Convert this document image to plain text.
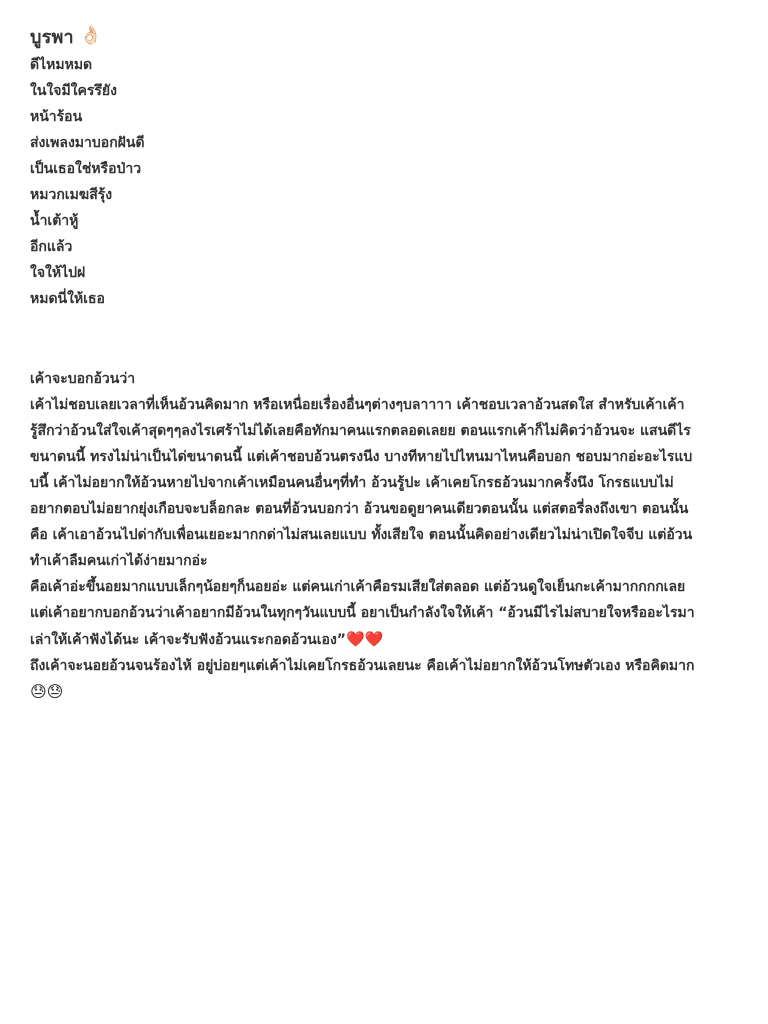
บูรพา 👌🏻
ดีไหมหมด
ในใจมีใครรึยัง
หน้าร้อน
ส่งเพลงมาบอกฝันดี
เป็นเธอใช่หรือป่าว
หมวกเมฆสีรุ้ง
น้ำเต้าหู้
อีกแล้ว
ใจให้ไปฝ
หมดนี่ให้เธอ

เค้าจะบอกอ้วนว่า

เค้าไม่ชอบเลยเวลาที่เห็นอ้วนคิดมาก หรือเหนื่อยเรื่องอื่นๆต่างๆบลาาาา เค้าชอบเวลาอ้วนสดใส สำหรับเค้าเค้า
รู้สึกว่าอ้วนใส่ใจเค้าสุดๆๆลงไรเศร้าไม่ได้เลยคือทักมาคนแรกตลอดเลยย ตอนแรกเค้าก็ไม่คิดว่าอ้วนจะ แสนดีไร
ขนาดนนี้ ทรงไม่น่าเป็นได่ขนาดนนี้ แต่เค้าชอบอ้วนตรงนีง บางทีหายไปไหนมาไหนคือบอก ชอบมากอ่ะอะไรแบ
บนี้ เค้าไม่อยากให้อ้วนหายไปจากเค้าเหมือนคนอื่นๆที่ทำ อ้วนรู้ปะ เค้าเคยโกรธอ้วนมากครั้งนึง โกรธแบบไม่
อยากตอบไม่อยากยุ่งเกือบจะบล็อกละ ตอนที่อ้วนบอกว่า อ้วนขอดูยาคนเดียวตอนนั้น แต่สตอรี่ลงถึงเขา ตอนนั้น
คือ เค้าเอาอ้วนไปด่ากับเพื่อนเยอะมากกด่าไม่สนเลยแบบ ทั้งเสียใจ ตอนนั้นคิดอย่างเดียวไม่น่าเปิดใจจีบ แต่อ้วน
ทำเค้าลืมคนเก่าได้ง่ายมากอ่ะ

คือเค้าอ่ะขึ้นอยมากแบบเล็กๆน้อยๆก็นอยอ่ะ แต่คนเก่าเค้าคือรมเสียใส่ตลอด แต่อ้วนดูใจเย็นกะเค้ามากกกกเลย
แต่เค้าอยากบอกอ้วนว่าเค้าอยากมีอ้วนในทุกๆวันแบบนี้ อยาเป็นกำลังใจให้เค้า “อ้วนมีไรไม่สบายใจหรืออะไรมา
เล่าให้เค้าฟังได้นะ เค้าจะรับฟังอ้วนแระกอดอ้วนเอง”❤️❤️

ถึงเค้าจะนอยอ้วนจนร้องไห้ อยู่บ่อยๆแต่เค้าไม่เคยโกรธอ้วนเลยนะ คือเค้าไม่อยากให้อ้วนโทษตัวเอง หรือคิดมาก
😓😓
